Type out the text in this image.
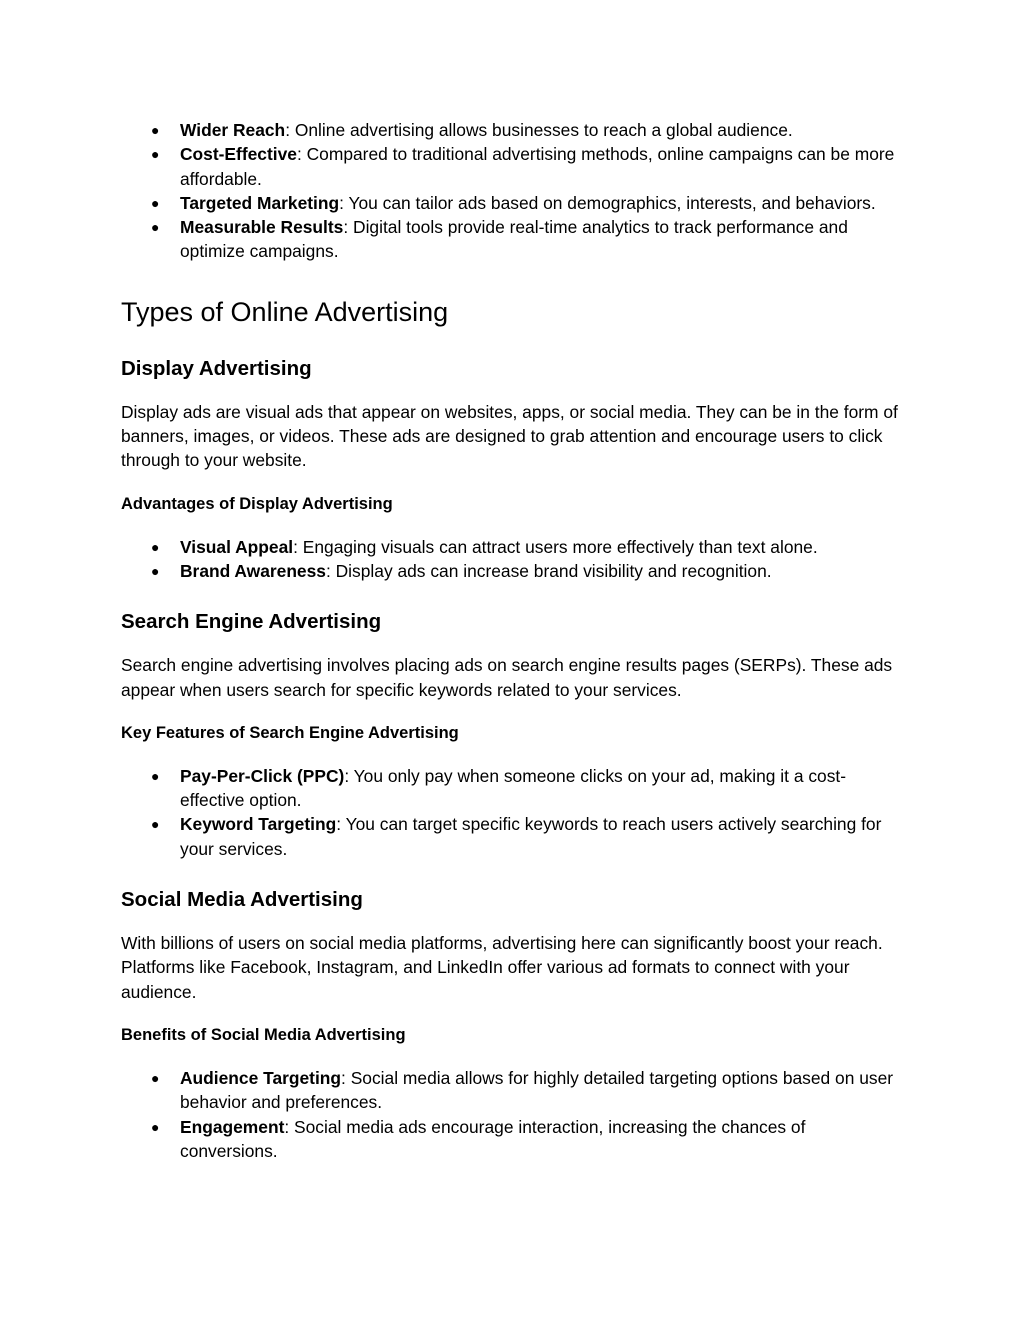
● Wider Reach: Online advertising allows businesses to reach a global audience.
● Cost-Effective: Compared to traditional advertising methods, online campaigns can be more affordable.
● Targeted Marketing: You can tailor ads based on demographics, interests, and behaviors.
● Measurable Results: Digital tools provide real-time analytics to track performance and optimize campaigns.
Types of Online Advertising
Display Advertising

Display ads are visual ads that appear on websites, apps, or social media. They can be in the form of banners, images, or videos. These ads are designed to grab attention and encourage users to click through to your website.

Advantages of Display Advertising
● Visual Appeal: Engaging visuals can attract users more effectively than text alone.
● Brand Awareness: Display ads can increase brand visibility and recognition.
Search Engine Advertising

Search engine advertising involves placing ads on search engine results pages (SERPs). These ads appear when users search for specific keywords related to your services.

Key Features of Search Engine Advertising
● Pay-Per-Click (PPC): You only pay when someone clicks on your ad, making it a cost-effective option.
● Keyword Targeting: You can target specific keywords to reach users actively searching for your services.
Social Media Advertising

With billions of users on social media platforms, advertising here can significantly boost your reach. Platforms like Facebook, Instagram, and LinkedIn offer various ad formats to connect with your audience.

Benefits of Social Media Advertising
● Audience Targeting: Social media allows for highly detailed targeting options based on user behavior and preferences.
● Engagement: Social media ads encourage interaction, increasing the chances of conversions.
